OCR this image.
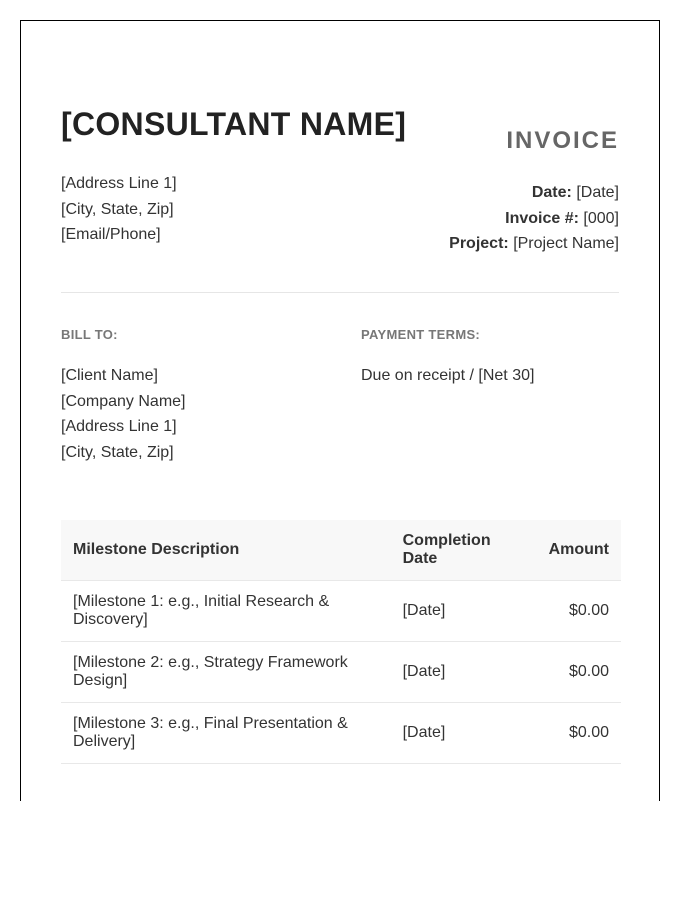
[CONSULTANT NAME]	INVOICE
[Address Line 1]
[City, State, Zip]
[Email/Phone]
Date: [Date]
Invoice #: [000]
Project: [Project Name]
BILL TO:	PAYMENT TERMS:
[Client Name]
[Company Name]
[Address Line 1]
[City, State, Zip]
Due on receipt / [Net 30]
Milestone Description	Completion Date	Amount
[Milestone 1: e.g., Initial Research & Discovery]	[Date]	$0.00
[Milestone 2: e.g., Strategy Framework Design]	[Date]	$0.00
[Milestone 3: e.g., Final Presentation & Delivery]	[Date]	$0.00
